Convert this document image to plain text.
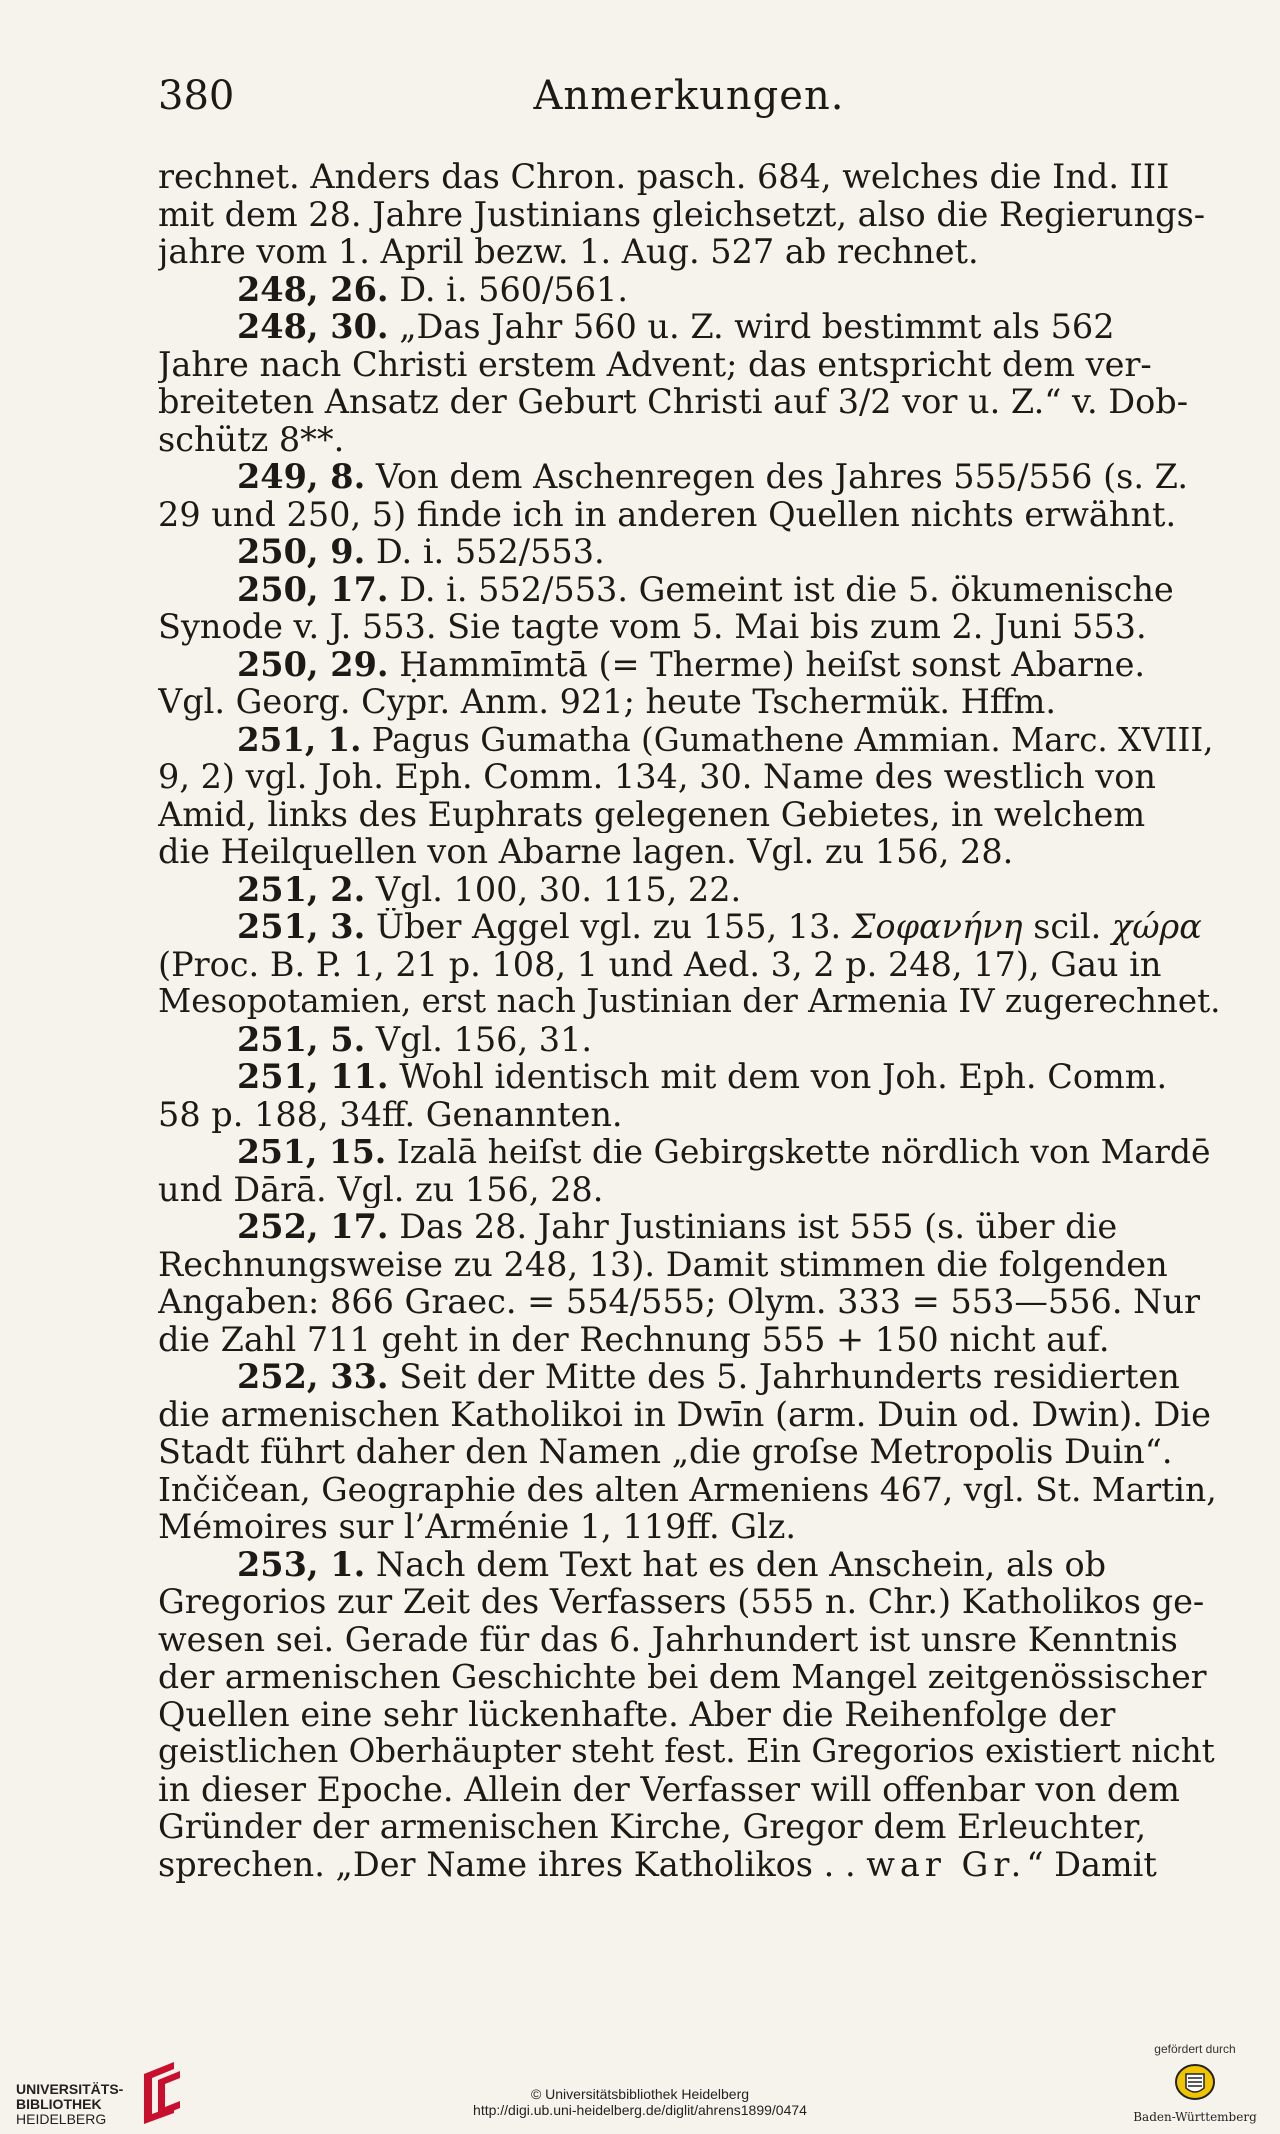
380	Anmerkungen.
rechnet. Anders das Chron. pasch. 684, welches die Ind. III
mit dem 28. Jahre Justinians gleichsetzt, also die Regierungs-
jahre vom 1. April bezw. 1. Aug. 527 ab rechnet.
248, 26. D. i. 560/561.
248, 30. „Das Jahr 560 u. Z. wird bestimmt als 562
Jahre nach Christi erstem Advent; das entspricht dem ver-
breiteten Ansatz der Geburt Christi auf 3/2 vor u. Z.“ v. Dob-
schütz 8**.
249, 8. Von dem Aschenregen des Jahres 555/556 (s. Z.
29 und 250, 5) finde ich in anderen Quellen nichts erwähnt.
250, 9. D. i. 552/553.
250, 17. D. i. 552/553. Gemeint ist die 5. ökumenische
Synode v. J. 553. Sie tagte vom 5. Mai bis zum 2. Juni 553.
250, 29. Ḥammīmtā (= Therme) heiſst sonst Abarne.
Vgl. Georg. Cypr. Anm. 921; heute Tschermük. Hffm.
251, 1. Pagus Gumatha (Gumathene Ammian. Marc. XVIII,
9, 2) vgl. Joh. Eph. Comm. 134, 30. Name des westlich von
Amid, links des Euphrats gelegenen Gebietes, in welchem
die Heilquellen von Abarne lagen. Vgl. zu 156, 28.
251, 2. Vgl. 100, 30. 115, 22.
251, 3. Über Aggel vgl. zu 155, 13. Σοφανήνη scil. χώρα
(Proc. B. P. 1, 21 p. 108, 1 und Aed. 3, 2 p. 248, 17), Gau in
Mesopotamien, erst nach Justinian der Armenia IV zugerechnet.
251, 5. Vgl. 156, 31.
251, 11. Wohl identisch mit dem von Joh. Eph. Comm.
58 p. 188, 34ff. Genannten.
251, 15. Izalā heiſst die Gebirgskette nördlich von Mardē
und Dārā. Vgl. zu 156, 28.
252, 17. Das 28. Jahr Justinians ist 555 (s. über die
Rechnungsweise zu 248, 13). Damit stimmen die folgenden
Angaben: 866 Graec. = 554/555; Olym. 333 = 553—556. Nur
die Zahl 711 geht in der Rechnung 555 + 150 nicht auf.
252, 33. Seit der Mitte des 5. Jahrhunderts residierten
die armenischen Katholikoi in Dwīn (arm. Duin od. Dwin). Die
Stadt führt daher den Namen „die groſse Metropolis Duin“.
Inčičean, Geographie des alten Armeniens 467, vgl. St. Martin,
Mémoires sur l’Arménie 1, 119ff. Glz.
253, 1. Nach dem Text hat es den Anschein, als ob
Gregorios zur Zeit des Verfassers (555 n. Chr.) Katholikos ge-
wesen sei. Gerade für das 6. Jahrhundert ist unsre Kenntnis
der armenischen Geschichte bei dem Mangel zeitgenössischer
Quellen eine sehr lückenhafte. Aber die Reihenfolge der
geistlichen Oberhäupter steht fest. Ein Gregorios existiert nicht
in dieser Epoche. Allein der Verfasser will offenbar von dem
Gründer der armenischen Kirche, Gregor dem Erleuchter,
sprechen. „Der Name ihres Katholikos . . war Gr.“ Damit
UNIVERSITÄTS-
BIBLIOTHEK
HEIDELBERG
© Universitätsbibliothek Heidelberg
http://digi.ub.uni-heidelberg.de/diglit/ahrens1899/0474
gefördert durch
Baden-Württemberg
